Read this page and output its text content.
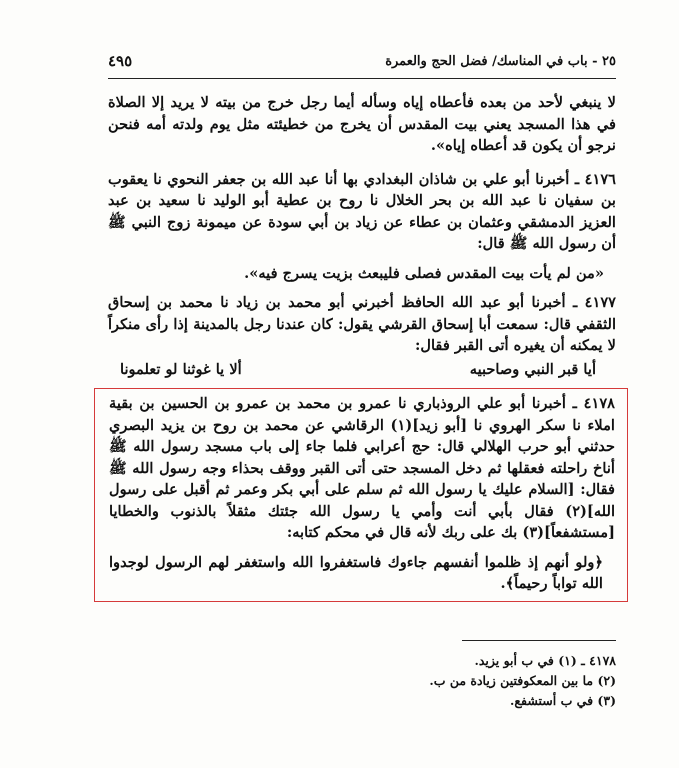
٢٥ - باب في المناسك/ فضل الحج والعمرة
٤٩٥

لا ينبغي لأحد من بعده فأعطاه إياه وسأله أيما رجل خرج من بيته لا يريد إلا الصلاة في هذا المسجد يعني بيت المقدس أن يخرج من خطيئته مثل يوم ولدته أمه فنحن نرجو أن يكون قد أعطاه إياه».

٤١٧٦ ـ أخبرنا أبو علي بن شاذان البغدادي بها أنا عبد الله بن جعفر النحوي نا يعقوب بن سفيان نا عبد الله بن بحر الخلال نا روح بن عطية أبو الوليد نا سعيد بن عبد العزيز الدمشقي وعثمان بن عطاء عن زياد بن أبي سودة عن ميمونة زوج النبي ﷺ أن رسول الله ﷺ قال:

«من لم يأت بيت المقدس فصلى فليبعث بزيت يسرج فيه».

٤١٧٧ ـ أخبرنا أبو عبد الله الحافظ أخبرني أبو محمد بن زياد نا محمد بن إسحاق الثقفي قال: سمعت أبا إسحاق القرشي يقول: كان عندنا رجل بالمدينة إذا رأى منكراً لا يمكنه أن يغيره أتى القبر فقال:

أيا قبر النبي وصاحبيه
ألا يا غوثنا لو تعلمونا

٤١٧٨ ـ أخبرنا أبو علي الروذباري نا عمرو بن محمد بن عمرو بن الحسين بن بقية املاء نا سكر الهروي نا [أبو زيد](١) الرقاشي عن محمد بن روح بن يزيد البصري حدثني أبو حرب الهلالي قال: حج أعرابي فلما جاء إلى باب مسجد رسول الله ﷺ أناخ راحلته فعقلها ثم دخل المسجد حتى أتى القبر ووقف بحذاء وجه رسول الله ﷺ فقال: [السلام عليك يا رسول الله ثم سلم على أبي بكر وعمر ثم أقبل على رسول الله](٢) فقال بأبي أنت وأمي يا رسول الله جئتك مثقلاً بالذنوب والخطايا [مستشفعاً](٣) بك على ربك لأنه قال في محكم كتابه:

﴿ولو أنهم إذ ظلموا أنفسهم جاءوك فاستغفروا الله واستغفر لهم الرسول لوجدوا الله تواباً رحيماً﴾.

٤١٧٨ ـ (١) في ب أبو يزيد.
(٢) ما بين المعكوفتين زيادة من ب.
(٣) في ب أستشفع.
